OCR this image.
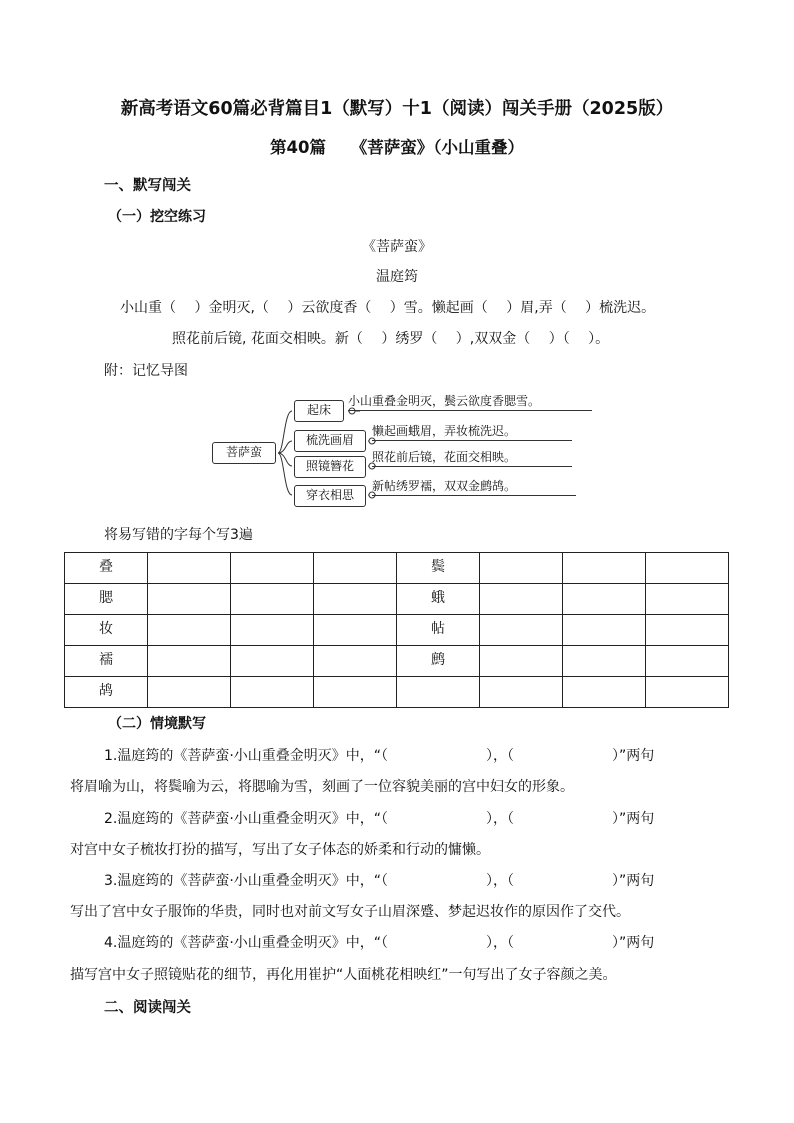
新高考语文60篇必背篇目1（默写）十1（阅读）闯关手册（2025版）
第40篇　　《菩萨蛮》（小山重叠）
一、默写闯关
（一）挖空练习
《菩萨蛮》
温庭筠
小山重（　 ）金明灭,（　 ）云欲度香（　 ）雪。懒起画（　 ）眉,弄（　 ）梳洗迟。
照花前后镜, 花面交相映。新（　 ）绣罗（　 ）,双双金（　 ）（　 ）。
附：记忆导图
菩萨蛮
起床
小山重叠金明灭，鬓云欲度香腮雪。
梳洗画眉
懒起画蛾眉，弄妆梳洗迟。
照镜簪花
照花前后镜，花面交相映。
穿衣相思
新帖绣罗襦，双双金鹧鸪。
将易写错的字每个写3遍
叠				鬓			
腮				蛾			
妆				帖			
襦				鹧			
鸪							
（二）情境默写
1.温庭筠的《菩萨蛮·小山重叠金明灭》中，“（　　　　　　　），（　　　　　　　）”两句
将眉喻为山，将鬓喻为云，将腮喻为雪，刻画了一位容貌美丽的宫中妇女的形象。
2.温庭筠的《菩萨蛮·小山重叠金明灭》中，“（　　　　　　　），（　　　　　　　）”两句
对宫中女子梳妆打扮的描写，写出了女子体态的娇柔和行动的慵懒。
3.温庭筠的《菩萨蛮·小山重叠金明灭》中，“（　　　　　　　），（　　　　　　　）”两句
写出了宫中女子服饰的华贵，同时也对前文写女子山眉深蹙、梦起迟妆作的原因作了交代。
4.温庭筠的《菩萨蛮·小山重叠金明灭》中，“（　　　　　　　），（　　　　　　　）”两句
描写宫中女子照镜贴花的细节，再化用崔护“人面桃花相映红”一句写出了女子容颜之美。
二、阅读闯关
